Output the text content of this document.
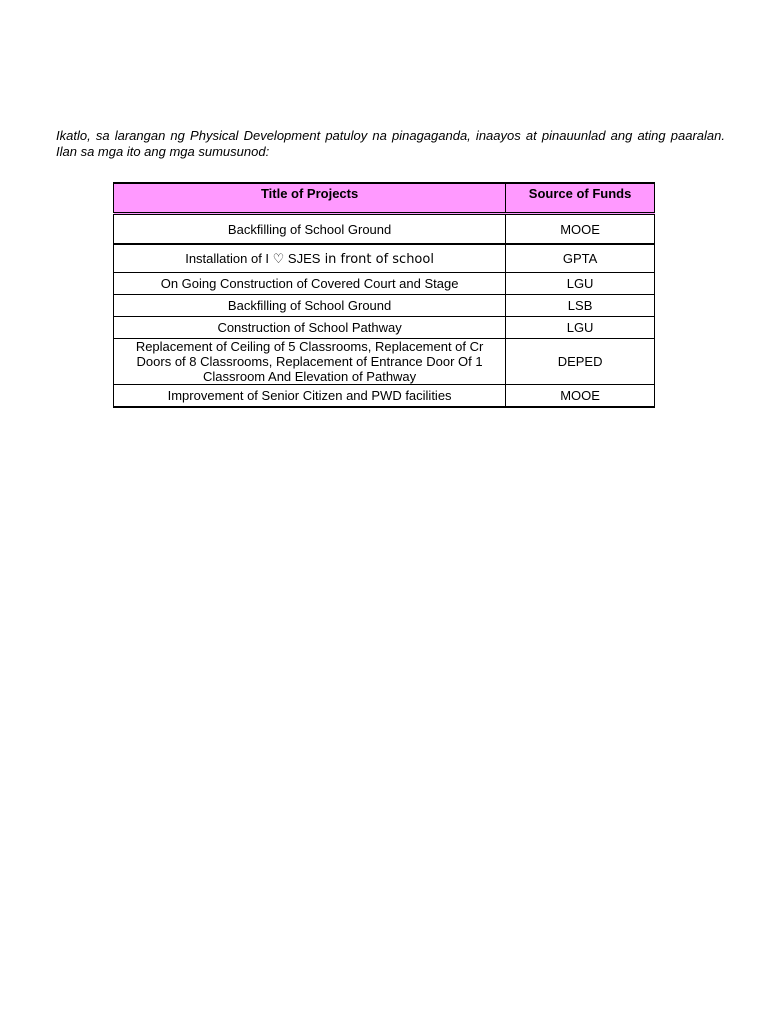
Ikatlo, sa larangan ng Physical Development patuloy na pinagaganda, inaayos at pinauunlad ang ating paaralan. Ilan sa mga ito ang mga sumusunod:

Title of Projects	Source of Funds
Backfilling of School Ground	MOOE
Installation of I ♡ SJES in front of school	GPTA
On Going Construction of Covered Court and Stage	LGU
Backfilling of School Ground	LSB
Construction of School Pathway	LGU
Replacement of Ceiling of 5 Classrooms, Replacement of Cr Doors of 8 Classrooms, Replacement of Entrance Door Of 1 Classroom And Elevation of Pathway	DEPED
Improvement of Senior Citizen and PWD facilities	MOOE
